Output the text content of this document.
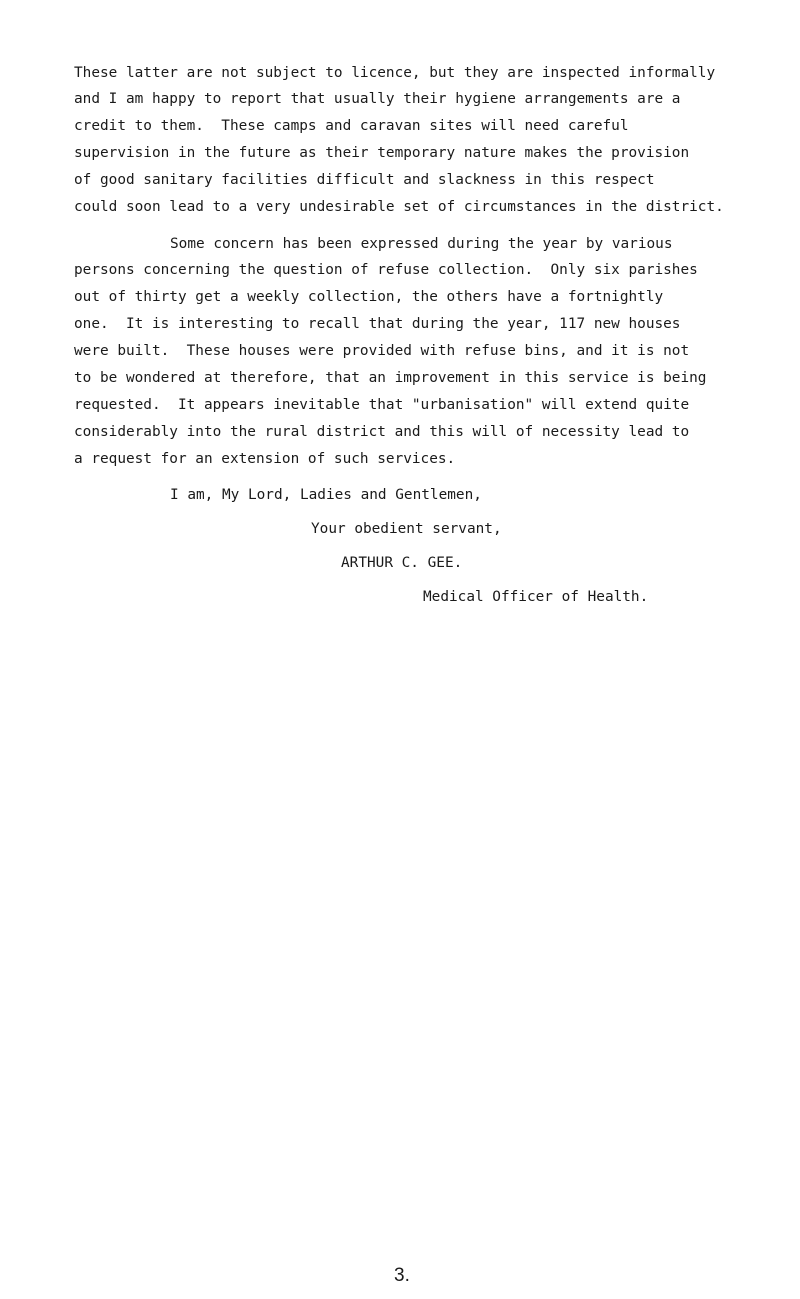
These latter are not subject to licence, but they are inspected informally
and I am happy to report that usually their hygiene arrangements are a
credit to them.  These camps and caravan sites will need careful
supervision in the future as their temporary nature makes the provision
of good sanitary facilities difficult and slackness in this respect
could soon lead to a very undesirable set of circumstances in the district.
Some concern has been expressed during the year by various
persons concerning the question of refuse collection.  Only six parishes
out of thirty get a weekly collection, the others have a fortnightly
one.  It is interesting to recall that during the year, 117 new houses
were built.  These houses were provided with refuse bins, and it is not
to be wondered at therefore, that an improvement in this service is being
requested.  It appears inevitable that "urbanisation" will extend quite
considerably into the rural district and this will of necessity lead to
a request for an extension of such services.
I am, My Lord, Ladies and Gentlemen,
Your obedient servant,
ARTHUR C. GEE.
Medical Officer of Health.
3.
